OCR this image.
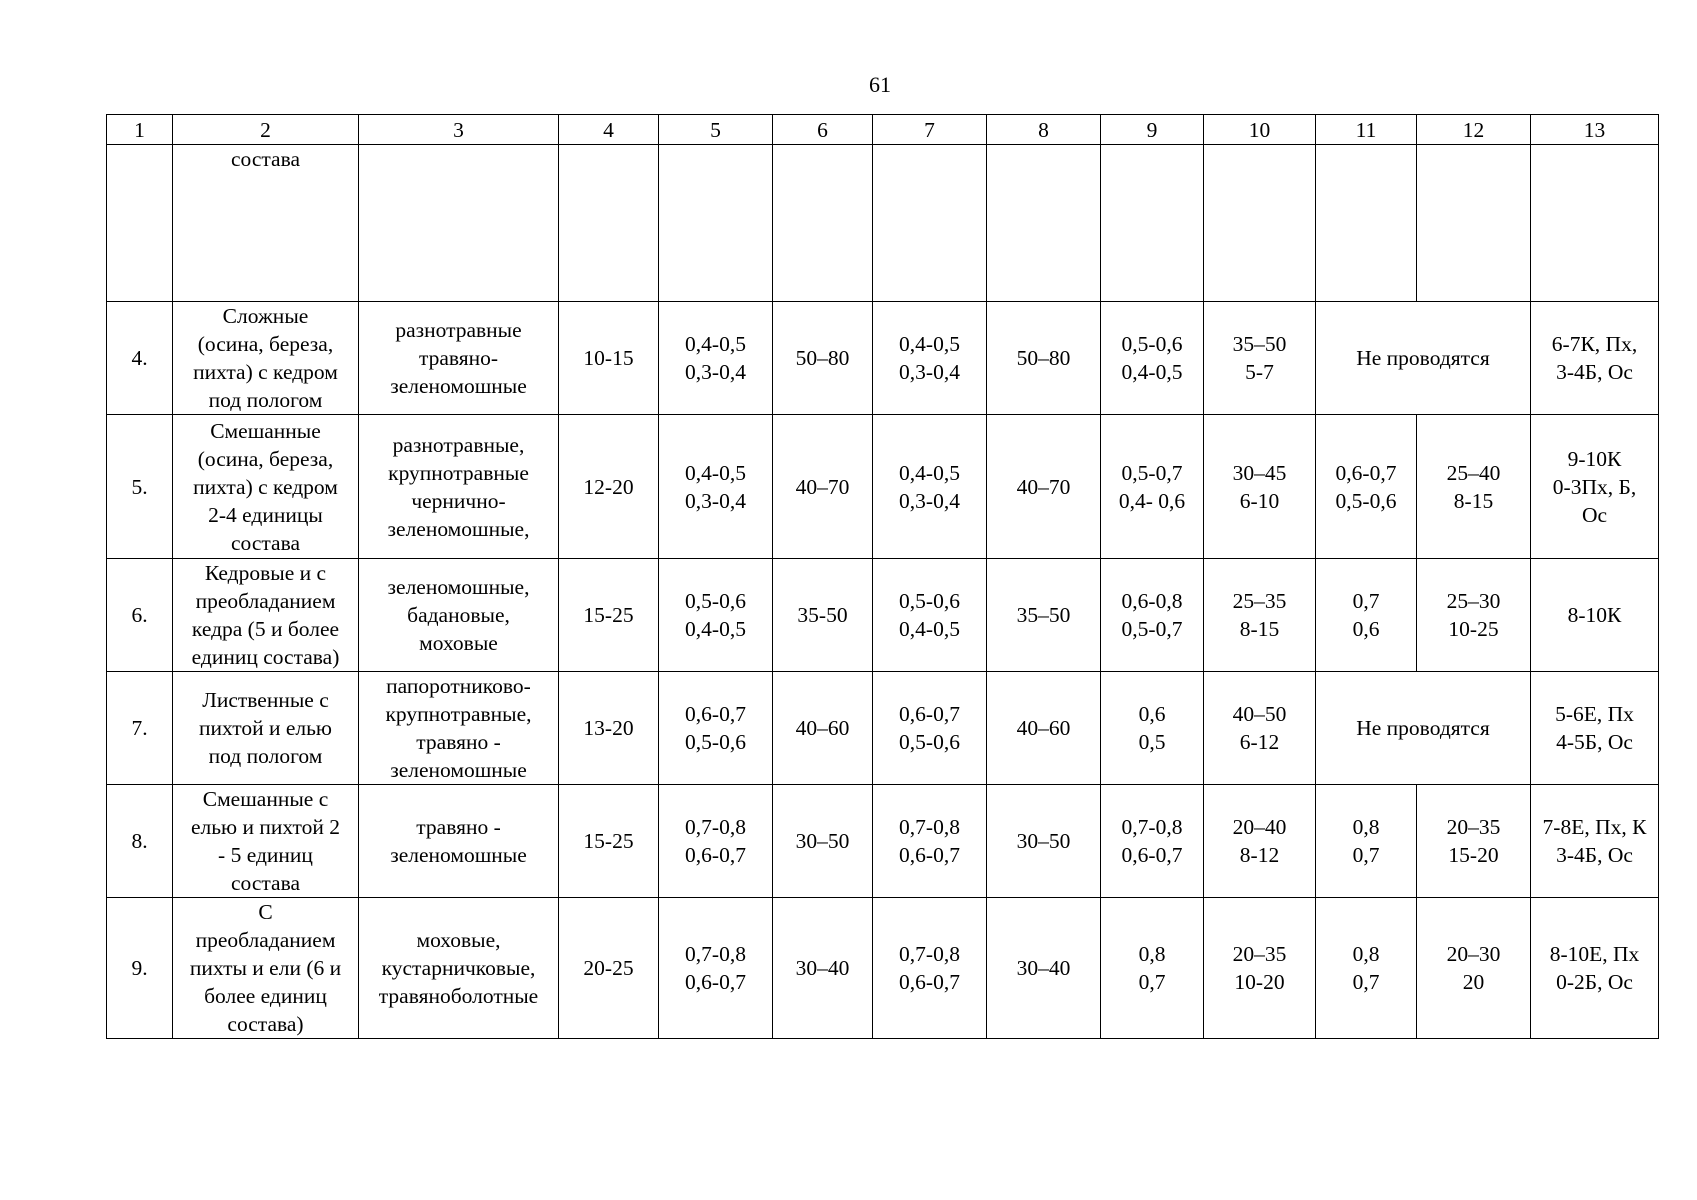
61
1	2	3	4	5	6	7	8	9	10	11	12	13
	состава											
4.	Сложные
(осина, береза,
пихта) с кедром
под пологом	разнотравные
травяно-
зеленомошные	10-15	0,4-0,5
0,3-0,4	50–80	0,4-0,5
0,3-0,4	50–80	0,5-0,6
0,4-0,5	35–50
5-7	Не проводятся		6-7К, Пх,
3-4Б, Ос
5.	Смешанные
(осина, береза,
пихта) с кедром
2-4 единицы
состава	разнотравные,
крупнотравные
чернично-
зеленомошные,	12-20	0,4-0,5
0,3-0,4	40–70	0,4-0,5
0,3-0,4	40–70	0,5-0,7
0,4- 0,6	30–45
6-10	0,6-0,7
0,5-0,6	25–40
8-15	9-10К
0-3Пх, Б,
Ос
6.	Кедровые и с
преобладанием
кедра (5 и более
единиц состава)	зеленомошные,
бадановые,
моховые	15-25	0,5-0,6
0,4-0,5	35-50	0,5-0,6
0,4-0,5	35–50	0,6-0,8
0,5-0,7	25–35
8-15	0,7
0,6	25–30
10-25	8-10К
7.	Лиственные с
пихтой и елью
под пологом	папоротниково-
крупнотравные,
травяно -
зеленомошные	13-20	0,6-0,7
0,5-0,6	40–60	0,6-0,7
0,5-0,6	40–60	0,6
0,5	40–50
6-12	Не проводятся		5-6Е, Пх
4-5Б, Ос
8.	Смешанные с
елью и пихтой 2
- 5 единиц
состава	травяно -
зеленомошные	15-25	0,7-0,8
0,6-0,7	30–50	0,7-0,8
0,6-0,7	30–50	0,7-0,8
0,6-0,7	20–40
8-12	0,8
0,7	20–35
15-20	7-8Е, Пх, К
3-4Б, Ос
9.	С
преобладанием
пихты и ели (6 и
более единиц
состава)	моховые,
кустарничковые,
травяноболотные	20-25	0,7-0,8
0,6-0,7	30–40	0,7-0,8
0,6-0,7	30–40	0,8
0,7	20–35
10-20	0,8
0,7	20–30
20	8-10Е, Пх
0-2Б, Ос
